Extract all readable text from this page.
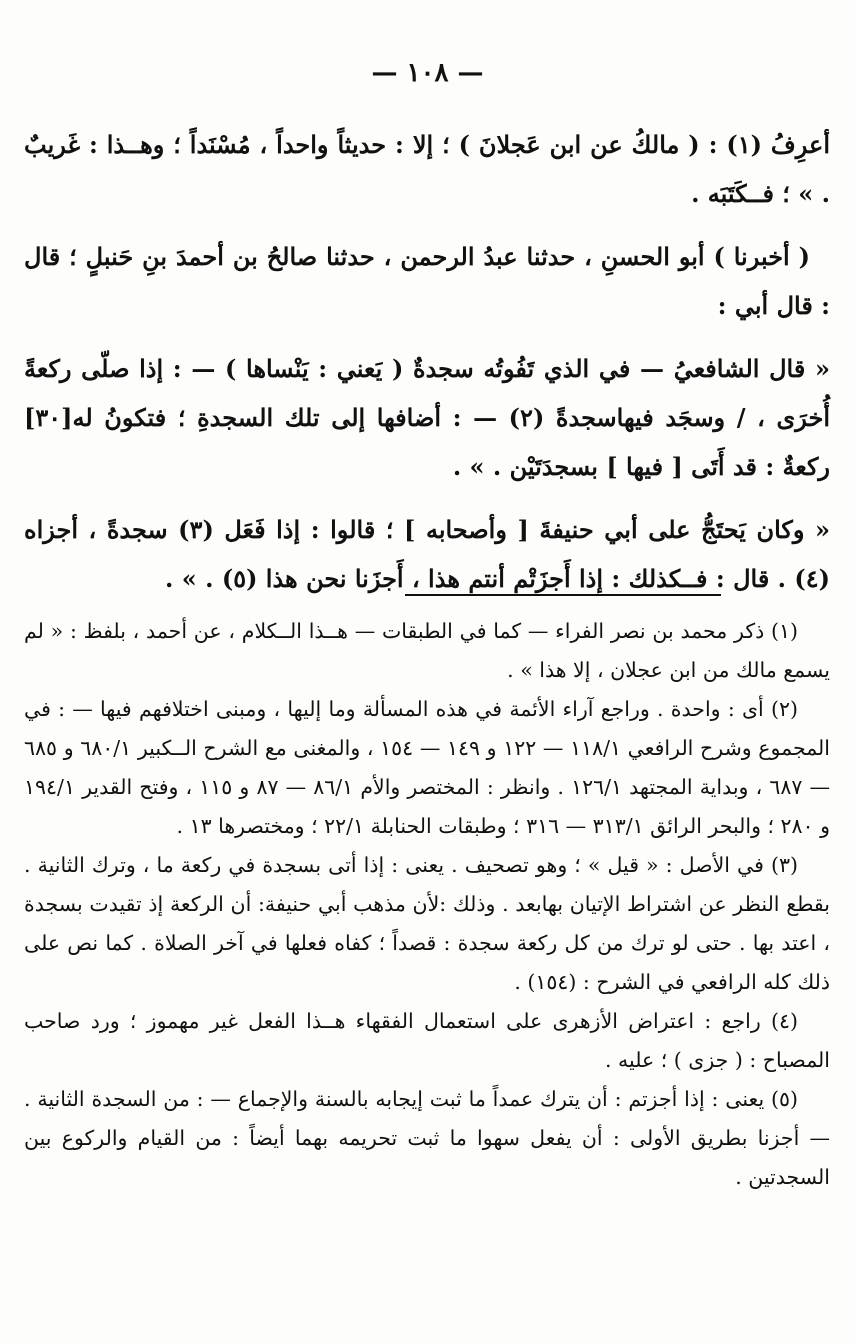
— ١٠٨ —

أعرِفُ (١) : ( مالكُ عن ابن عَجلانَ ) ؛ إلا : حديثاً واحداً ، مُسْنَداً ؛ وهــذا : غَريبٌ . » ؛ فــكَتَبَه .

( أخبرنا ) أبو الحسنِ ، حدثنا عبدُ الرحمن ، حدثنا صالحُ بن أحمدَ بنِ حَنبلٍ ؛ قال : قال أبي :

« قال الشافعيُ — في الذي تَفُوتُه سجدةٌ ( يَعني : يَنْساها ) — : إذا صلّى ركعةً أُخرَى ، / وسجَد فيهاسجدةً (٢) — : أضافها إلى تلك السجدةِ ؛ فتكونُ له[٣٠] ركعةٌ : قد أَتَى [ فيها ] بسجدَتَيْن . » .

« وكان يَحتَجُّ على أبي حنيفةَ [ وأصحابه ] ؛ قالوا : إذا فَعَل (٣) سجدةً ، أجزاه (٤) . قال : فــكذلك : إذا أَجزَتْم أنتم هذا ، أَجزَنا نحن هذا (٥) . » .

(١) ذكر محمد بن نصر الفراء — كما في الطبقات — هــذا الــكلام ، عن أحمد ، بلفظ : « لم يسمع مالك من ابن عجلان ، إلا هذا » .

(٢) أى : واحدة . وراجع آراء الأئمة في هذه المسألة وما إليها ، ومبنى اختلافهم فيها — : في المجموع وشرح الرافعي ١١٨/١ — ١٢٢ و ١٤٩ — ١٥٤ ، والمغنى مع الشرح الــكبير ٦٨٠/١ و ٦٨٥ — ٦٨٧ ، وبداية المجتهد ١٢٦/١ . وانظر : المختصر والأم ٨٦/١ — ٨٧ و ١١٥ ، وفتح القدير ١٩٤/١ و ٢٨٠ ؛ والبحر الرائق ٣١٣/١ — ٣١٦ ؛ وطبقات الحنابلة ٢٢/١ ؛ ومختصرها ١٣ .

(٣) في الأصل : « قيل » ؛ وهو تصحيف . يعنى : إذا أتى بسجدة في ركعة ما ، وترك الثانية . بقطع النظر عن اشتراط الإتيان بهابعد . وذلك :لأن مذهب أبي حنيفة: أن الركعة إذ تقيدت بسجدة ، اعتد بها . حتى لو ترك من كل ركعة سجدة : قصداً ؛ كفاه فعلها في آخر الصلاة . كما نص على ذلك كله الرافعي في الشرح : (١٥٤) .

(٤) راجع : اعتراض الأزهرى على استعمال الفقهاء هــذا الفعل غير مهموز ؛ ورد صاحب المصباح : ( جزى ) ؛ عليه .

(٥) يعنى : إذا أجزتم : أن يترك عمداً ما ثبت إيجابه بالسنة والإجماع — : من السجدة الثانية . — أجزنا بطريق الأولى : أن يفعل سهوا ما ثبت تحريمه بهما أيضاً : من القيام والركوع بين السجدتين .
